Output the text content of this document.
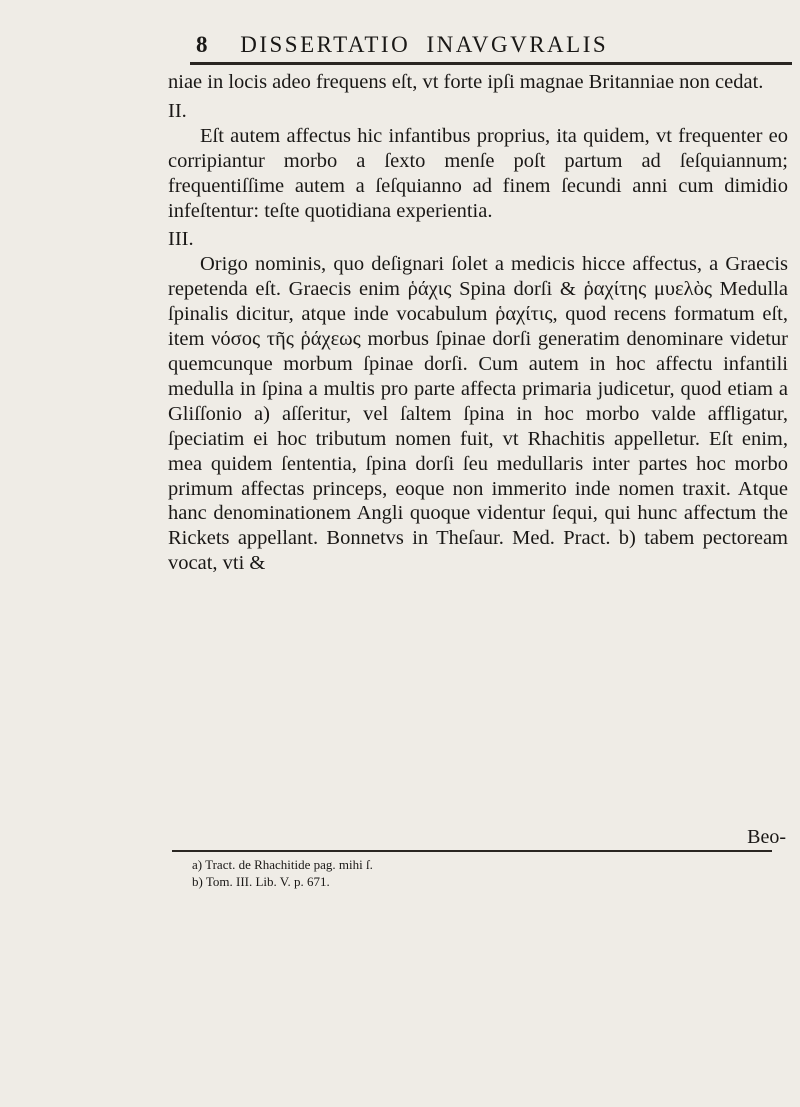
8 DISSERTATIO INAVGVRALIS

niae in locis adeo frequens eſt, vt forte ipſi magnae Britanniae non cedat.

II.

Eſt autem affectus hic infantibus proprius, ita quidem, vt frequenter eo corripiantur morbo a ſexto menſe poſt partum ad ſeſquiannum; frequentiſſime autem a ſeſquianno ad finem ſecundi anni cum dimidio infeſtentur: teſte quotidiana experientia.

III.

Origo nominis, quo deſignari ſolet a medicis hicce affectus, a Graecis repetenda eſt. Graecis enim ῥάχις Spina dorſi & ῥαχίτης μυελὸς Medulla ſpinalis dicitur, atque inde vocabulum ῥαχίτις, quod recens formatum eſt, item νόσος τῆς ῥάχεως morbus ſpinae dorſi generatim denominare videtur quemcunque morbum ſpinae dorſi. Cum autem in hoc affectu infantili medulla in ſpina a multis pro parte affecta primaria judicetur, quod etiam a Gliſſonio a) aſſeritur, vel ſaltem ſpina in hoc morbo valde affligatur, ſpeciatim ei hoc tributum nomen fuit, vt Rhachitis appelletur. Eſt enim, mea quidem ſententia, ſpina dorſi ſeu medullaris inter partes hoc morbo primum affectas princeps, eoque non immerito inde nomen traxit. Atque hanc denominationem Angli quoque videntur ſequi, qui hunc affectum the Rickets appellant. Bonnetvs in Theſaur. Med. Pract. b) tabem pectoream vocat, vti &

Beo-
a) Tract. de Rhachitide pag. mihi ſ.
b) Tom. III. Lib. V. p. 671.
